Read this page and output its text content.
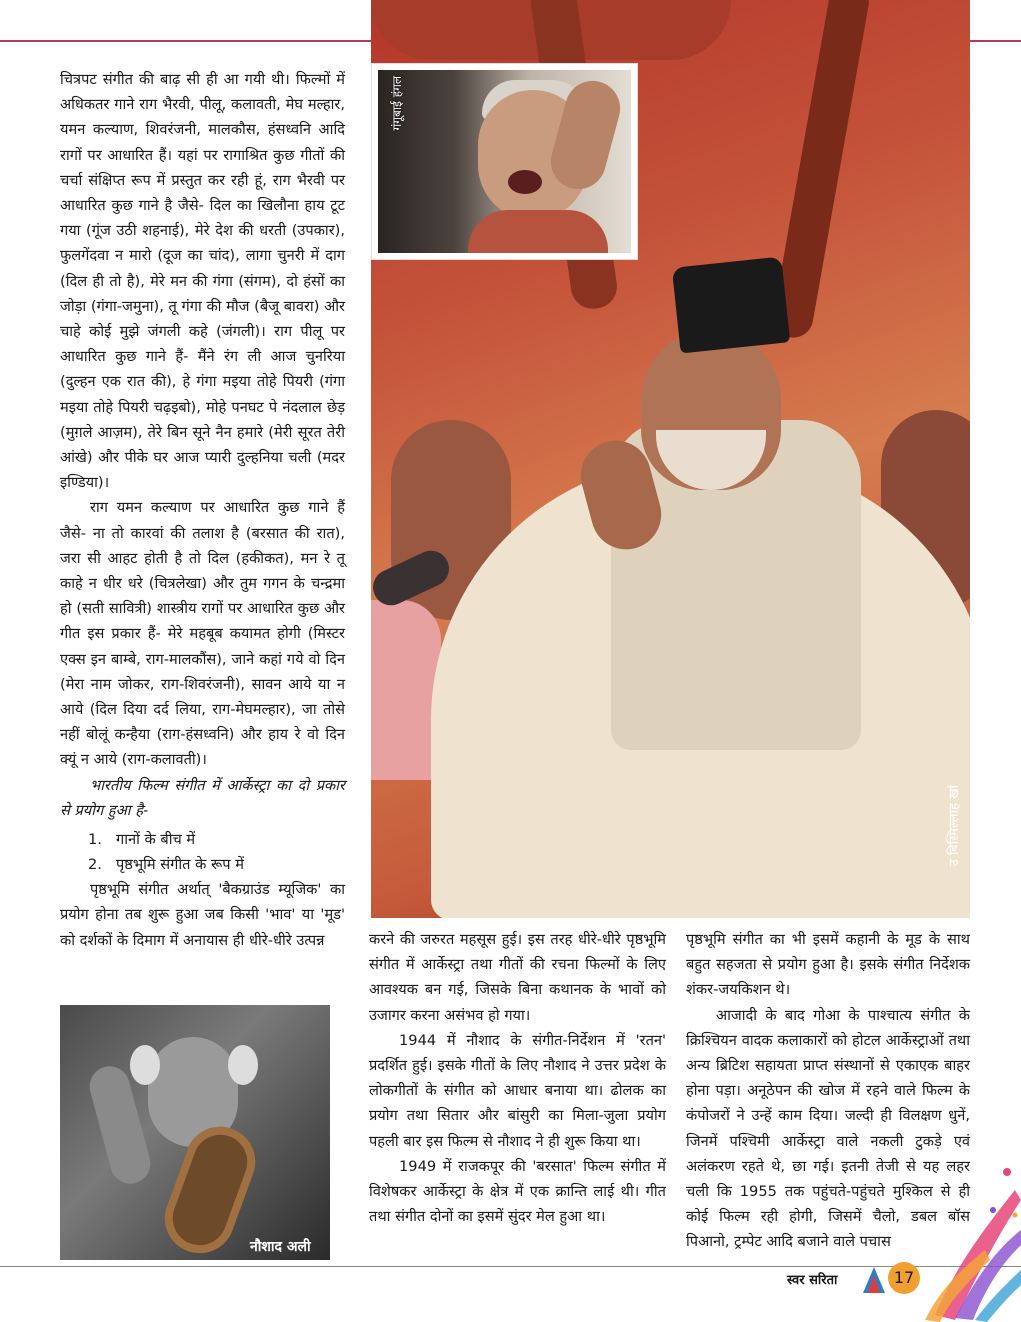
चित्रपट संगीत की बाढ़ सी ही आ गयी थी। फिल्मों में अधिकतर गाने राग भैरवी, पीलू, कलावती, मेघ मल्हार, यमन कल्याण, शिवरंजनी, मालकौस, हंसध्वनि आदि रागों पर आधारित हैं। यहां पर रागाश्रित कुछ गीतों की चर्चा संक्षिप्त रूप में प्रस्तुत कर रही हूं, राग भैरवी पर आधारित कुछ गाने है जैसे- दिल का खिलौना हाय टूट गया (गूंज उठी शहनाई), मेरे देश की धरती (उपकार), फुलगेंदवा न मारो (दूज का चांद), लागा चुनरी में दाग (दिल ही तो है), मेरे मन की गंगा (संगम), दो हंसों का जोड़ा (गंगा-जमुना), तू गंगा की मौज (बैजू बावरा) और चाहे कोई मुझे जंगली कहे (जंगली)। राग पीलू पर आधारित कुछ गाने हैं- मैंने रंग ली आज चुनरिया (दुल्हन एक रात की), हे गंगा मइया तोहे पियरी (गंगा मइया तोहे पियरी चढ़इबो), मोहे पनघट पे नंदलाल छेड़ (मुग़ले आज़म), तेरे बिन सूने नैन हमारे (मेरी सूरत तेरी आंखे) और पीके घर आज प्यारी दुल्हनिया चली (मदर इण्डिया)।

राग यमन कल्याण पर आधारित कुछ गाने हैं जैसे- ना तो कारवां की तलाश है (बरसात की रात), जरा सी आहट होती है तो दिल (हकीकत), मन रे तू काहे न धीर धरे (चित्रलेखा) और तुम गगन के चन्द्रमा हो (सती सावित्री) शास्त्रीय रागों पर आधारित कुछ और गीत इस प्रकार हैं- मेरे महबूब कयामत होगी (मिस्टर एक्स इन बाम्बे, राग-मालकौंस), जाने कहां गये वो दिन (मेरा नाम जोकर, राग-शिवरंजनी), सावन आये या न आये (दिल दिया दर्द लिया, राग-मेघमल्हार), जा तोसे नहीं बोलूं कन्हैया (राग-हंसध्वनि) और हाय रे वो दिन क्यूं न आये (राग-कलावती)।

भारतीय फिल्म संगीत में आर्केस्ट्रा का दो प्रकार से प्रयोग हुआ है-

1. गानों के बीच में
2. पृष्ठभूमि संगीत के रूप में

पृष्ठभूमि संगीत अर्थात् 'बैकग्राउंड म्यूजिक' का प्रयोग होना तब शुरू हुआ जब किसी 'भाव' या 'मूड' को दर्शकों के दिमाग में अनायास ही धीरे-धीरे उत्पन्न

उ बिस्मिल्लाह खां
गंगूबाई हंगल
नौशाद अली

करने की जरुरत महसूस हुई। इस तरह धीरे-धीरे पृष्ठभूमि संगीत में आर्केस्ट्रा तथा गीतों की रचना फिल्मों के लिए आवश्यक बन गई, जिसके बिना कथानक के भावों को उजागर करना असंभव हो गया।

1944 में नौशाद के संगीत-निर्देशन में 'रतन' प्रदर्शित हुई। इसके गीतों के लिए नौशाद ने उत्तर प्रदेश के लोकगीतों के संगीत को आधार बनाया था। ढोलक का प्रयोग तथा सितार और बांसुरी का मिला-जुला प्रयोग पहली बार इस फिल्म से नौशाद ने ही शुरू किया था।

1949 में राजकपूर की 'बरसात' फिल्म संगीत में विशेषकर आर्केस्ट्रा के क्षेत्र में एक क्रान्ति लाई थी। गीत तथा संगीत दोनों का इसमें सुंदर मेल हुआ था।

पृष्ठभूमि संगीत का भी इसमें कहानी के मूड के साथ बहुत सहजता से प्रयोग हुआ है। इसके संगीत निर्देशक शंकर-जयकिशन थे।

आजादी के बाद गोआ के पाश्चात्य संगीत के क्रिश्चियन वादक कलाकारों को होटल आर्केस्ट्राओं तथा अन्य ब्रिटिश सहायता प्राप्त संस्थानों से एकाएक बाहर होना पड़ा। अनूठेपन की खोज में रहने वाले फिल्म के कंपोजरों ने उन्हें काम दिया। जल्दी ही विलक्षण धुनें, जिनमें पश्चिमी आर्केस्ट्रा वाले नकली टुकड़े एवं अलंकरण रहते थे, छा गई। इतनी तेजी से यह लहर चली कि 1955 तक पहुंचते-पहुंचते मुश्किल से ही कोई फिल्म रही होगी, जिसमें चैलो, डबल बॉस पिआनो, ट्रम्पेट आदि बजाने वाले पचास

स्वर सरिता	17
